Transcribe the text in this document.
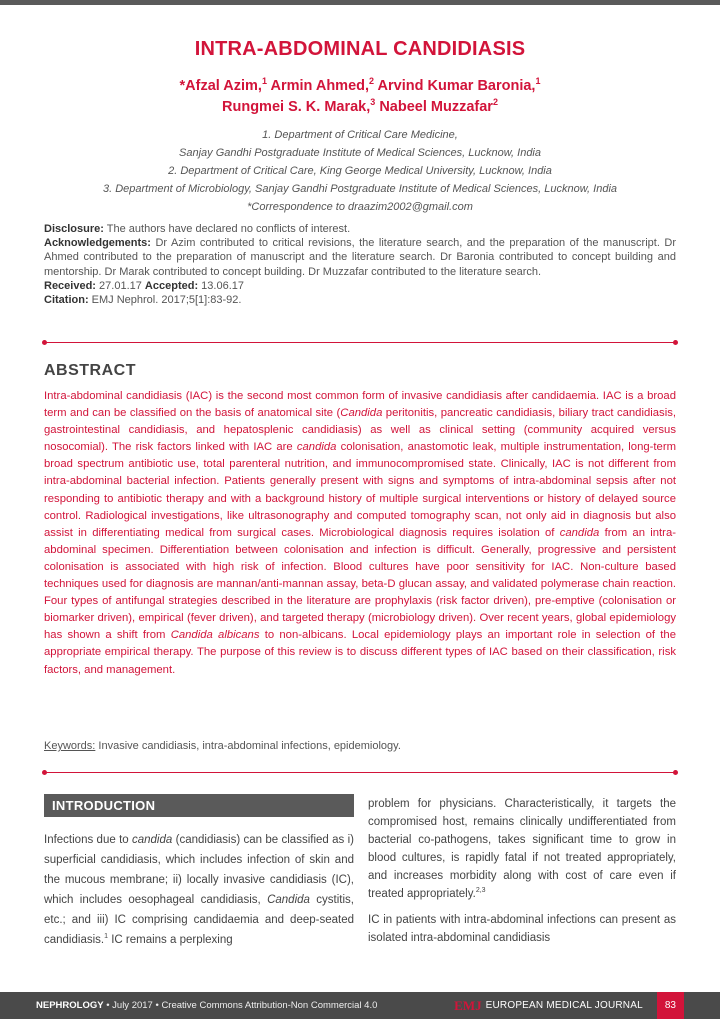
INTRA-ABDOMINAL CANDIDIASIS
*Afzal Azim,$^1$ Armin Ahmed,$^2$ Arvind Kumar Baronia,$^1$
Rungmei S. K. Marak,$^3$ Nabeel Muzzafar$^2$
1. Department of Critical Care Medicine,
Sanjay Gandhi Postgraduate Institute of Medical Sciences, Lucknow, India
2. Department of Critical Care, King George Medical University, Lucknow, India
3. Department of Microbiology, Sanjay Gandhi Postgraduate Institute of Medical Sciences, Lucknow, India
*Correspondence to draazim2002@gmail.com
Disclosure: The authors have declared no conflicts of interest.
Acknowledgements: Dr Azim contributed to critical revisions, the literature search, and the preparation of the manuscript. Dr Ahmed contributed to the preparation of manuscript and the literature search. Dr Baronia contributed to concept building and mentorship. Dr Marak contributed to concept building. Dr Muzzafar contributed to the literature search.
Received: 27.01.17 Accepted: 13.06.17
Citation: EMJ Nephrol. 2017;5[1]:83-92.
ABSTRACT

Intra-abdominal candidiasis (IAC) is the second most common form of invasive candidiasis after candidaemia. IAC is a broad term and can be classified on the basis of anatomical site (Candida peritonitis, pancreatic candidiasis, biliary tract candidiasis, gastrointestinal candidiasis, and hepatosplenic candidiasis) as well as clinical setting (community acquired versus nosocomial). The risk factors linked with IAC are candida colonisation, anastomotic leak, multiple instrumentation, long-term broad spectrum antibiotic use, total parenteral nutrition, and immunocompromised state. Clinically, IAC is not different from intra-abdominal bacterial infection. Patients generally present with signs and symptoms of intra-abdominal sepsis after not responding to antibiotic therapy and with a background history of multiple surgical interventions or history of delayed source control. Radiological investigations, like ultrasonography and computed tomography scan, not only aid in diagnosis but also assist in differentiating medical from surgical cases. Microbiological diagnosis requires isolation of candida from an intra-abdominal specimen. Differentiation between colonisation and infection is difficult. Generally, progressive and persistent colonisation is associated with high risk of infection. Blood cultures have poor sensitivity for IAC. Non-culture based techniques used for diagnosis are mannan/anti-mannan assay, beta-D glucan assay, and validated polymerase chain reaction. Four types of antifungal strategies described in the literature are prophylaxis (risk factor driven), pre-emptive (colonisation or biomarker driven), empirical (fever driven), and targeted therapy (microbiology driven). Over recent years, global epidemiology has shown a shift from Candida albicans to non-albicans. Local epidemiology plays an important role in selection of the appropriate empirical therapy. The purpose of this review is to discuss different types of IAC based on their classification, risk factors, and management.

Keywords: Invasive candidiasis, intra-abdominal infections, epidemiology.
INTRODUCTION

Infections due to candida (candidiasis) can be classified as i) superficial candidiasis, which includes infection of skin and the mucous membrane; ii) locally invasive candidiasis (IC), which includes oesophageal candidiasis, Candida cystitis, etc.; and iii) IC comprising candidaemia and deep-seated candidiasis.$^1$ IC remains a perplexing

problem for physicians. Characteristically, it targets the compromised host, remains clinically undifferentiated from bacterial co-pathogens, takes significant time to grow in blood cultures, is rapidly fatal if not treated appropriately, and increases morbidity along with cost of care even if treated appropriately.$^{2,3}$

IC in patients with intra-abdominal infections can present as isolated intra-abdominal candidiasis

NEPHROLOGY • July 2017 • Creative Commons Attribution-Non Commercial 4.0	EMJ EUROPEAN MEDICAL JOURNAL	83
